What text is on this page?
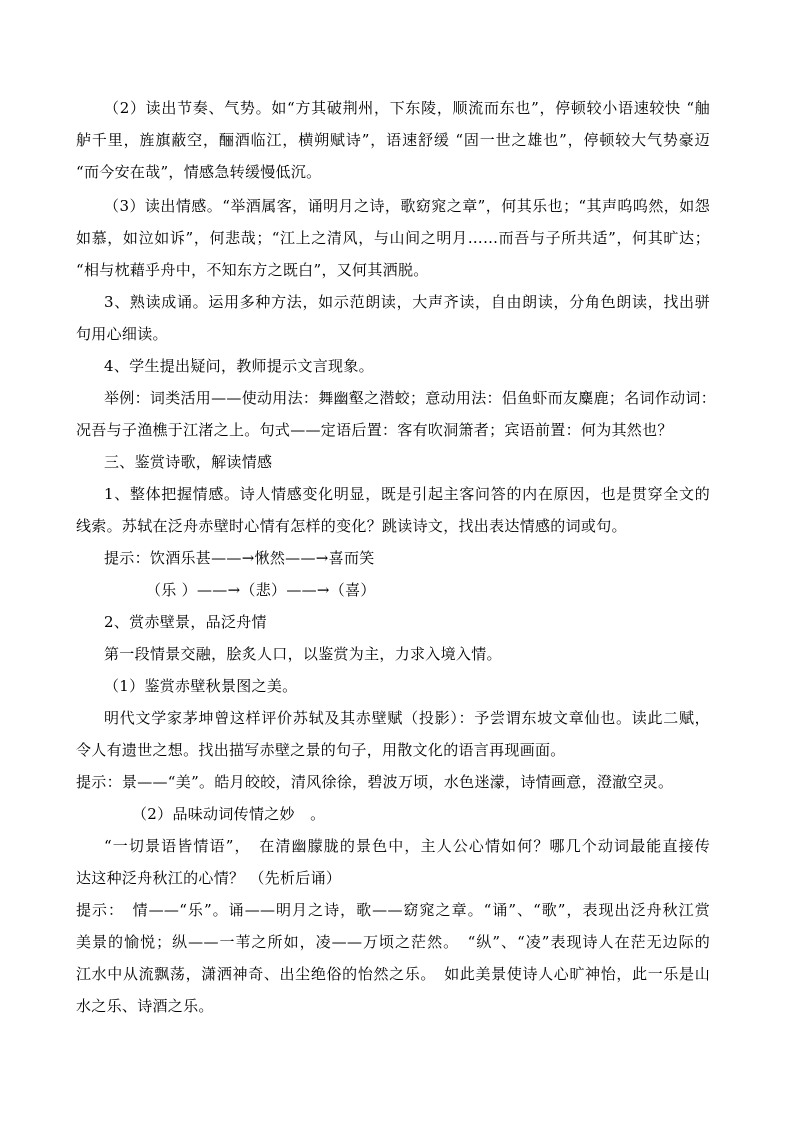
（2）读出节奏、气势。如“方其破荆州，下东陵，顺流而东也”，停顿较小语速较快 “舳

舻千里，旌旗蔽空，酾酒临江，横朔赋诗”，语速舒缓 “固一世之雄也”，停顿较大气势豪迈

“而今安在哉”，情感急转缓慢低沉。

（3）读出情感。“举酒属客，诵明月之诗，歌窈窕之章”，何其乐也；“其声呜呜然，如怨

如慕，如泣如诉”，何悲哉；“江上之清风，与山间之明月……而吾与子所共适”，何其旷达；

“相与枕藉乎舟中，不知东方之既白”，又何其洒脱。

3、熟读成诵。运用多种方法，如示范朗读，大声齐读，自由朗读，分角色朗读，找出骈

句用心细读。

4、学生提出疑问，教师提示文言现象。

举例：词类活用——使动用法：舞幽壑之潜蛟；意动用法：侣鱼虾而友麋鹿；名词作动词：

况吾与子渔樵于江渚之上。句式——定语后置：客有吹洞箫者；宾语前置：何为其然也？

三、鉴赏诗歌，解读情感

1、整体把握情感。诗人情感变化明显，既是引起主客问答的内在原因，也是贯穿全文的

线索。苏轼在泛舟赤壁时心情有怎样的变化？跳读诗文，找出表达情感的词或句。

提示：饮酒乐甚——→愀然——→喜而笑

（乐 ）——→（悲）——→（喜）

2、赏赤壁景，品泛舟情

第一段情景交融，脍炙人口，以鉴赏为主，力求入境入情。

（1）鉴赏赤壁秋景图之美。

明代文学家茅坤曾这样评价苏轼及其赤壁赋（投影）：予尝谓东坡文章仙也。读此二赋，

令人有遗世之想。找出描写赤壁之景的句子，用散文化的语言再现画面。

提示：景——“美”。皓月皎皎，清风徐徐，碧波万顷，水色迷濛，诗情画意，澄澈空灵。

（2）品味动词传情之妙　。

“一切景语皆情语”，　在清幽朦胧的景色中，主人公心情如何？哪几个动词最能直接传

达这种泛舟秋江的心情？ （先析后诵）

提示：　情——“乐”。诵——明月之诗，歌——窈窕之章。“诵”、“歌”，表现出泛舟秋江赏

美景的愉悦；纵——一苇之所如，凌——万顷之茫然。　“纵”、“凌”表现诗人在茫无边际的

江水中从流飘荡，潇洒神奇、出尘绝俗的怡然之乐。　如此美景使诗人心旷神怡，此一乐是山

水之乐、诗酒之乐。
